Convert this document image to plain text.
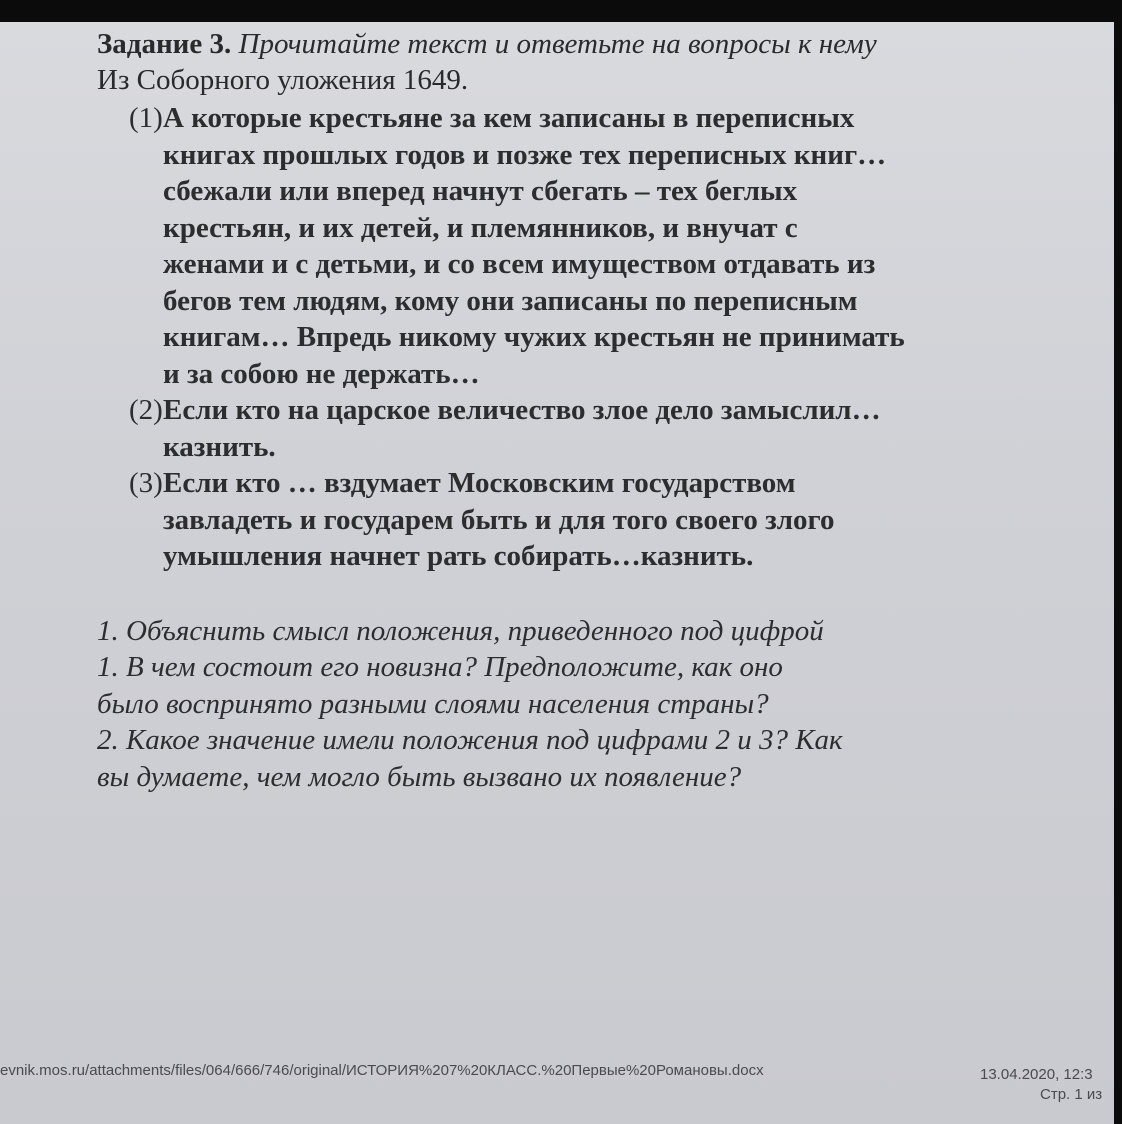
Задание 3. Прочитайте текст и ответьте на вопросы к нему

Из Соборного уложения 1649.

(1) А которые крестьяне за кем записаны в переписных
книгах прошлых годов и позже тех переписных книг…
сбежали или вперед начнут сбегать – тех беглых
крестьян, и их детей, и племянников, и внучат с
женами и с детьми, и со всем имуществом отдавать из
бегов тем людям, кому они записаны по переписным
книгам… Впредь никому чужих крестьян не принимать
и за собою не держать…
(2) Если кто на царское величество злое дело замыслил…
казнить.
(3) Если кто … вздумает Московским государством
завладеть и государем быть и для того своего злого
умышления начнет рать собирать…казнить.

1. Объяснить смысл положения, приведенного под цифрой

1. В чем состоит его новизна? Предположите, как оно

было воспринято разными слоями населения страны?

2. Какое значение имели положения под цифрами 2 и 3? Как

вы думаете, чем могло быть вызвано их появление?

evnik.mos.ru/attachments/files/064/666/746/original/ИСТОРИЯ%207%20КЛАСС.%20Первые%20Романовы.docx	13.04.2020, 12:3
Стр. 1 из
